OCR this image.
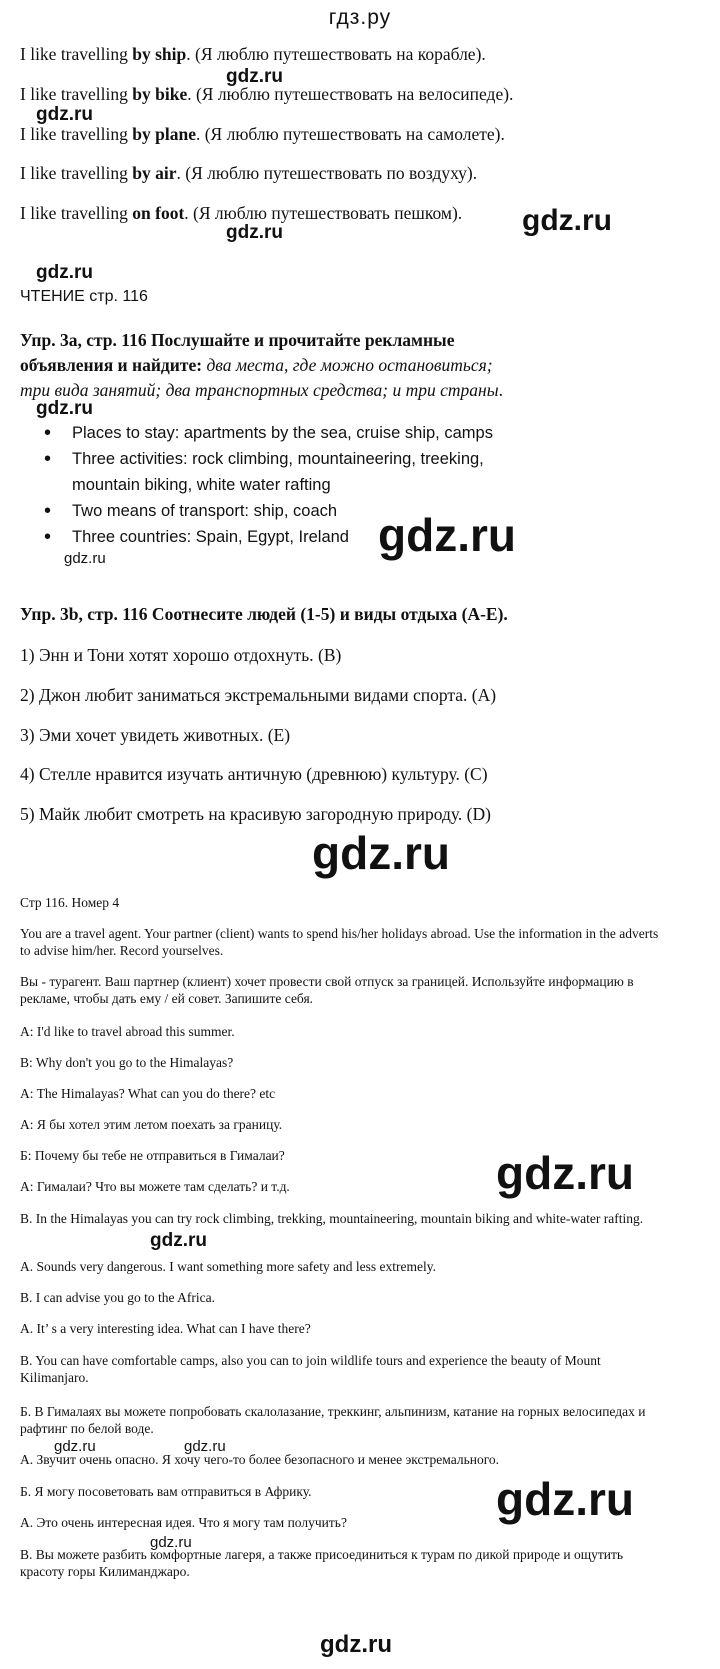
гдз.ру
I like travelling by ship. (Я люблю путешествовать на корабле).
I like travelling by bike. (Я люблю путешествовать на велосипеде).
I like travelling by plane. (Я люблю путешествовать на самолете).
I like travelling by air. (Я люблю путешествовать по воздуху).
I like travelling on foot. (Я люблю путешествовать пешком).
ЧТЕНИЕ стр. 116
Упр. 3а, стр. 116 Послушайте и прочитайте рекламные
объявления и найдите: два места, где можно остановиться;
три вида занятий; два транспортных средства; и три страны.
• Places to stay: apartments by the sea, cruise ship, camps
• Three activities: rock climbing, mountaineering, treeking,
mountain biking, white water rafting
• Two means of transport: ship, coach
• Three countries: Spain, Egypt, Ireland
Упр. 3b, стр. 116 Соотнесите людей (1-5) и виды отдыха (А-Е).
1) Энн и Тони хотят хорошо отдохнуть. (B)
2) Джон любит заниматься экстремальными видами спорта. (A)
3) Эми хочет увидеть животных. (E)
4) Стелле нравится изучать античную (древнюю) культуру. (C)
5) Майк любит смотреть на красивую загородную природу. (D)
Стр 116. Номер 4
You are a travel agent. Your partner (client) wants to spend his/her holidays abroad. Use the information in the adverts to advise him/her. Record yourselves.
Вы - турагент. Ваш партнер (клиент) хочет провести свой отпуск за границей. Используйте информацию в рекламе, чтобы дать ему / ей совет. Запишите себя.
A: I'd like to travel abroad this summer.
B: Why don't you go to the Himalayas?
A: The Himalayas? What can you do there? etc
А: Я бы хотел этим летом поехать за границу.
Б: Почему бы тебе не отправиться в Гималаи?
А: Гималаи? Что вы можете там сделать? и т.д.
B. In the Himalayas you can try rock climbing, trekking, mountaineering, mountain biking and white-water rafting.
A. Sounds very dangerous. I want something more safety and less extremely.
B. I can advise you go to the Africa.
A. It’ s a very interesting idea. What can I have there?
B. You can have comfortable camps, also you can to join wildlife tours and experience the beauty of Mount Kilimanjaro.
Б. В Гималаях вы можете попробовать скалолазание, треккинг, альпинизм, катание на горных велосипедах и рафтинг по белой воде.
А. Звучит очень опасно. Я хочу чего-то более безопасного и менее экстремального.
Б. Я могу посоветовать вам отправиться в Африку.
А. Это очень интересная идея. Что я могу там получить?
В. Вы можете разбить комфортные лагеря, а также присоединиться к турам по дикой природе и ощутить красоту горы Килиманджаро.
gdz.ru
gdz.ru
gdz.ru
gdz.ru
gdz.ru
gdz.ru
gdz.ru
gdz.ru
gdz.ru
gdz.ru
gdz.ru
gdz.ru	gdz.ru
gdz.ru
gdz.ru
gdz.ru
